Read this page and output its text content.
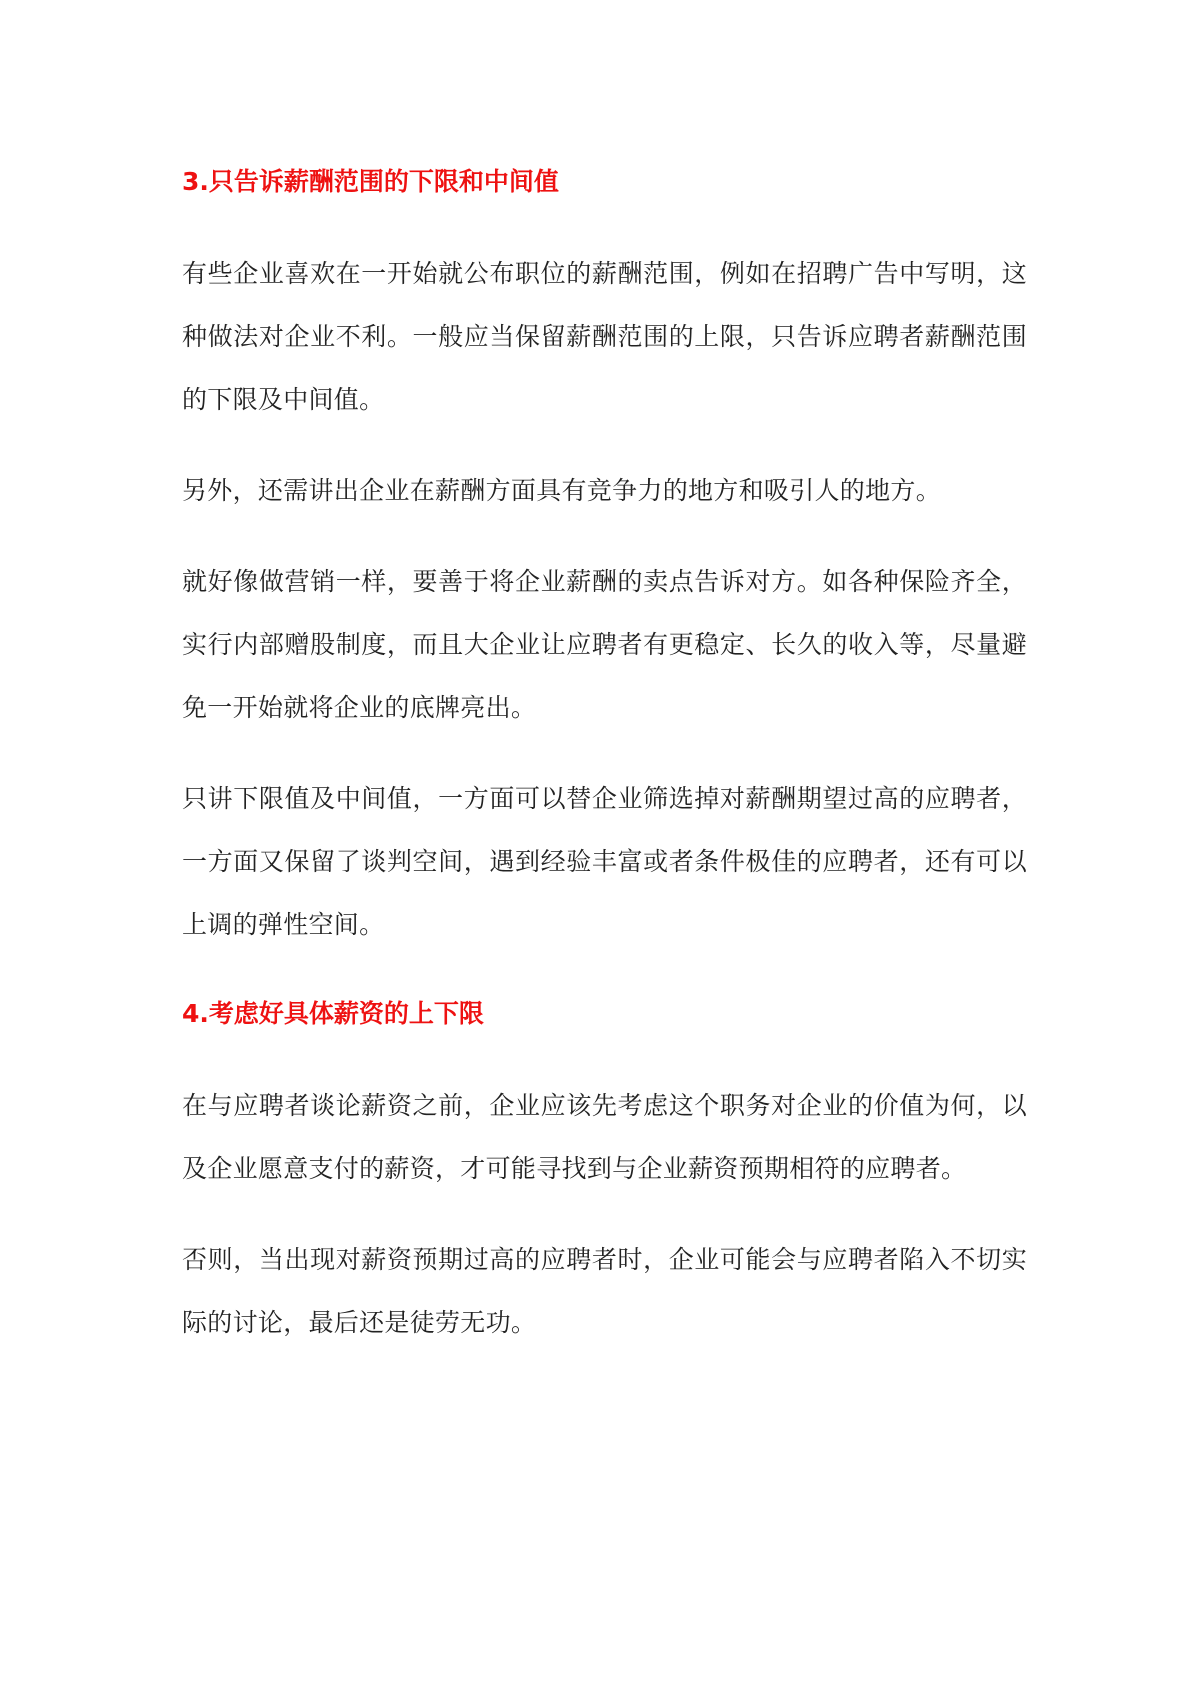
3.只告诉薪酬范围的下限和中间值

有些企业喜欢在一开始就公布职位的薪酬范围，例如在招聘广告中写明，这种做法对企业不利。一般应当保留薪酬范围的上限，只告诉应聘者薪酬范围的下限及中间值。

另外，还需讲出企业在薪酬方面具有竞争力的地方和吸引人的地方。

就好像做营销一样，要善于将企业薪酬的卖点告诉对方。如各种保险齐全，实行内部赠股制度，而且大企业让应聘者有更稳定、长久的收入等，尽量避免一开始就将企业的底牌亮出。

只讲下限值及中间值，一方面可以替企业筛选掉对薪酬期望过高的应聘者，一方面又保留了谈判空间，遇到经验丰富或者条件极佳的应聘者，还有可以上调的弹性空间。

4.考虑好具体薪资的上下限

在与应聘者谈论薪资之前，企业应该先考虑这个职务对企业的价值为何，以及企业愿意支付的薪资，才可能寻找到与企业薪资预期相符的应聘者。

否则，当出现对薪资预期过高的应聘者时，企业可能会与应聘者陷入不切实际的讨论，最后还是徒劳无功。
